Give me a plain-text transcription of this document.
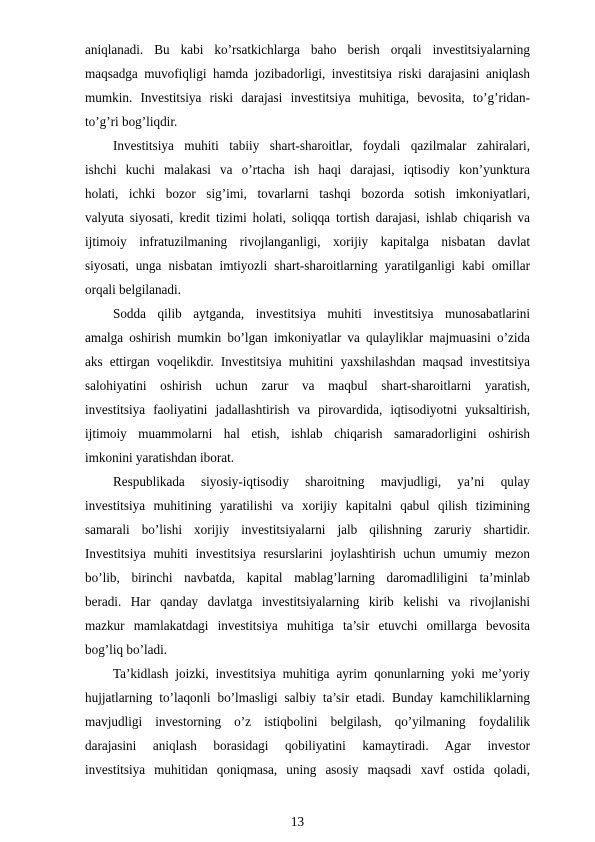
aniqlanadi. Bu kabi ko’rsatkichlarga baho berish orqali investitsiyalarning
maqsadga muvofiqligi hamda jozibadorligi, investitsiya riski darajasini aniqlash
mumkin. Investitsiya riski darajasi investitsiya muhitiga, bevosita, to’g’ridan-
to’g’ri bog’liqdir.
Investitsiya muhiti tabiiy shart-sharoitlar, foydali qazilmalar zahiralari,
ishchi kuchi malakasi va o’rtacha ish haqi darajasi, iqtisodiy kon’yunktura
holati, ichki bozor sig’imi, tovarlarni tashqi bozorda sotish imkoniyatlari,
valyuta siyosati, kredit tizimi holati, soliqqa tortish darajasi, ishlab chiqarish va
ijtimoiy infratuzilmaning rivojlanganligi, xorijiy kapitalga nisbatan davlat
siyosati, unga nisbatan imtiyozli shart-sharoitlarning yaratilganligi kabi omillar
orqali belgilanadi.
Sodda qilib aytganda, investitsiya muhiti investitsiya munosabatlarini
amalga oshirish mumkin bo’lgan imkoniyatlar va qulayliklar majmuasini o’zida
aks ettirgan voqelikdir. Investitsiya muhitini yaxshilashdan maqsad investitsiya
salohiyatini oshirish uchun zarur va maqbul shart-sharoitlarni yaratish,
investitsiya faoliyatini jadallashtirish va pirovardida, iqtisodiyotni yuksaltirish,
ijtimoiy muammolarni hal etish, ishlab chiqarish samaradorligini oshirish
imkonini yaratishdan iborat.
Respublikada siyosiy-iqtisodiy sharoitning mavjudligi, ya’ni qulay
investitsiya muhitining yaratilishi va xorijiy kapitalni qabul qilish tizimining
samarali bo’lishi xorijiy investitsiyalarni jalb qilishning zaruriy shartidir.
Investitsiya muhiti investitsiya resurslarini joylashtirish uchun umumiy mezon
bo’lib, birinchi navbatda, kapital mablag’larning daromadliligini ta’minlab
beradi. Har qanday davlatga investitsiyalarning kirib kelishi va rivojlanishi
mazkur mamlakatdagi investitsiya muhitiga ta’sir etuvchi omillarga bevosita
bog’liq bo’ladi.
Ta’kidlash joizki, investitsiya muhitiga ayrim qonunlarning yoki me’yoriy
hujjatlarning to’laqonli bo’lmasligi salbiy ta’sir etadi. Bunday kamchiliklarning
mavjudligi investorning o’z istiqbolini belgilash, qo’yilmaning foydalilik
darajasini aniqlash borasidagi qobiliyatini kamaytiradi. Agar investor
investitsiya muhitidan qoniqmasa, uning asosiy maqsadi xavf ostida qoladi,
13
